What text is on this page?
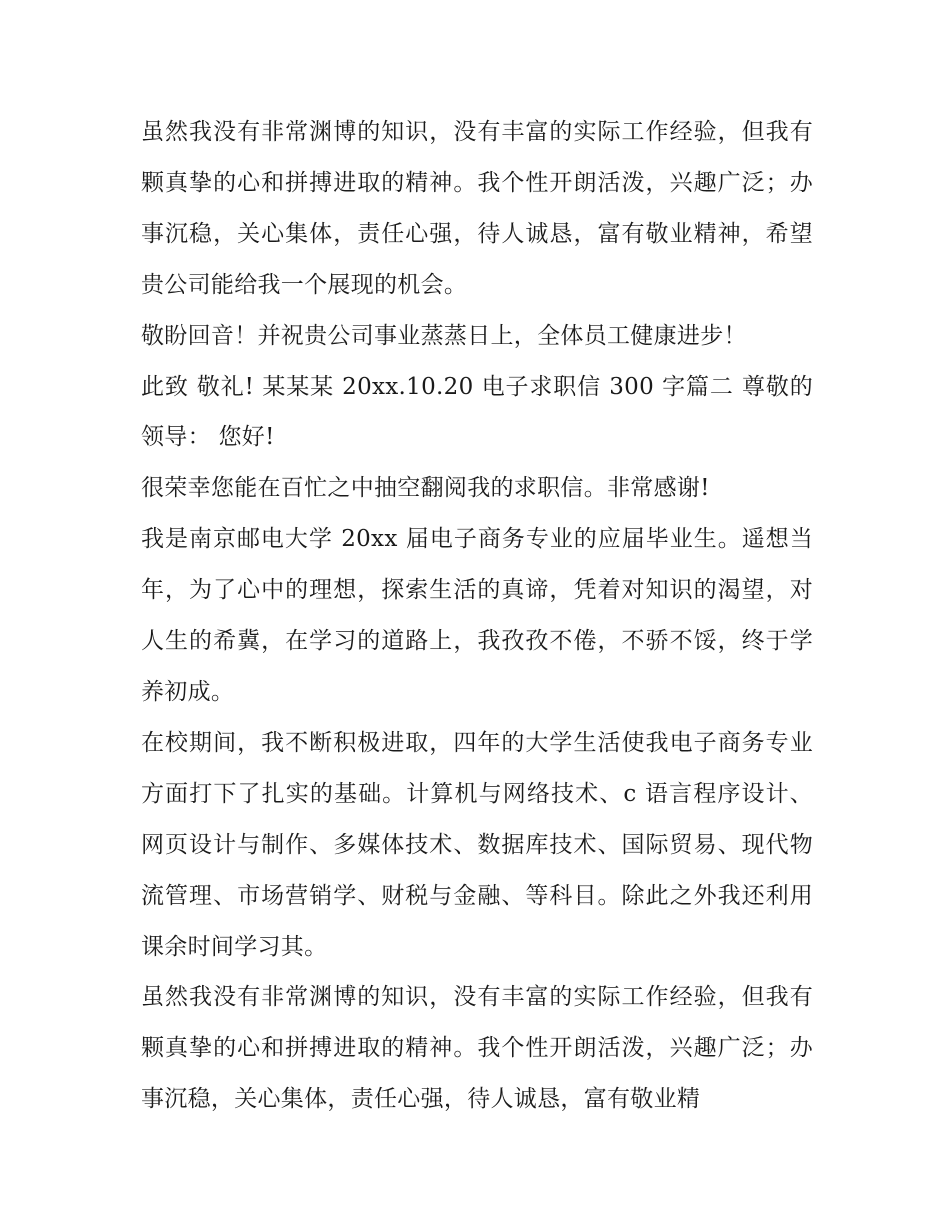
虽然我没有非常渊博的知识，没有丰富的实际工作经验，但我有颗真挚的心和拼搏进取的精神。我个性开朗活泼，兴趣广泛；办事沉稳，关心集体，责任心强，待人诚恳，富有敬业精神，希望贵公司能给我一个展现的机会。

敬盼回音！并祝贵公司事业蒸蒸日上，全体员工健康进步！

此致 敬礼! 某某某 20xx.10.20 电子求职信 300 字篇二 尊敬的领导： 您好!

很荣幸您能在百忙之中抽空翻阅我的求职信。非常感谢!

我是南京邮电大学 20xx 届电子商务专业的应届毕业生。遥想当年，为了心中的理想，探索生活的真谛，凭着对知识的渴望，对人生的希冀，在学习的道路上，我孜孜不倦，不骄不馁，终于学养初成。

在校期间，我不断积极进取，四年的大学生活使我电子商务专业方面打下了扎实的基础。计算机与网络技术、c 语言程序设计、网页设计与制作、多媒体技术、数据库技术、国际贸易、现代物流管理、市场营销学、财税与金融、等科目。除此之外我还利用课余时间学习其。

虽然我没有非常渊博的知识，没有丰富的实际工作经验，但我有颗真挚的心和拼搏进取的精神。我个性开朗活泼，兴趣广泛；办事沉稳，关心集体，责任心强，待人诚恳，富有敬业精
